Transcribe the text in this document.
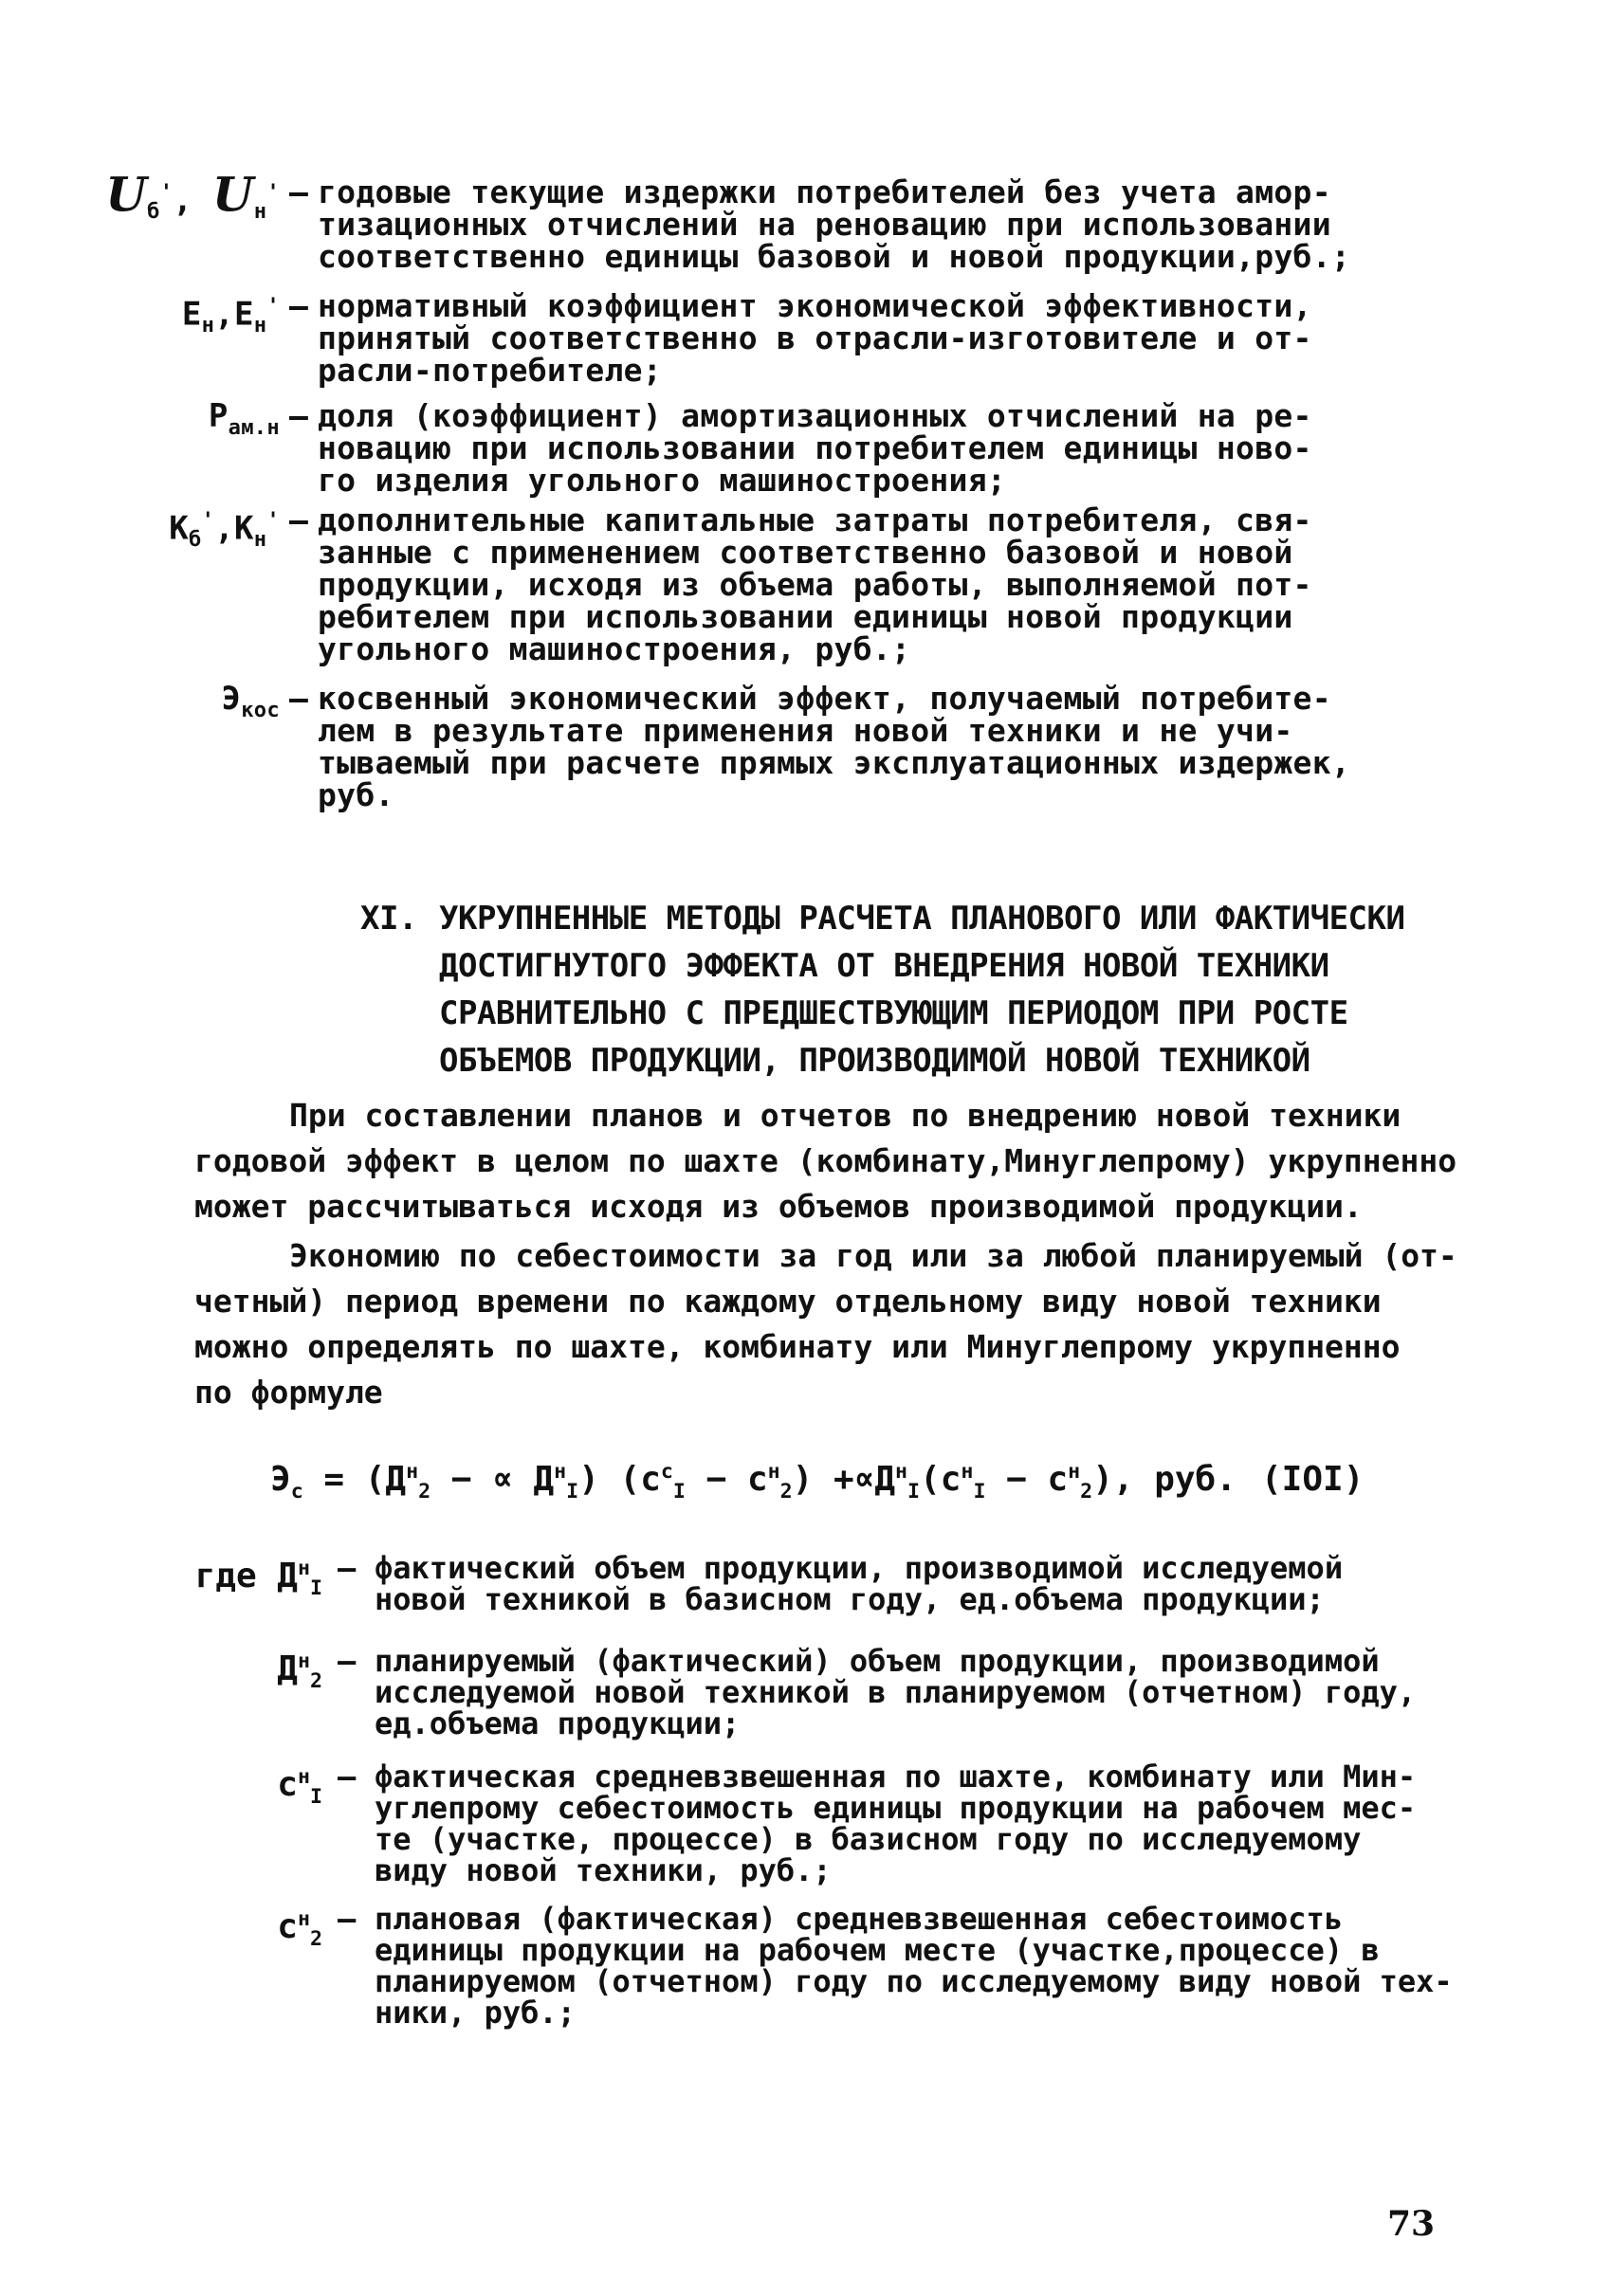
$U_б'$, $U_н'$ – годовые текущие издержки потребителей без учета амор-
тизационных отчислений на реновацию при использовании
соответственно единицы базовой и новой продукции,руб.;
$Е_н,Е_н'$ – нормативный коэффициент экономической эффективности,
принятый соответственно в отрасли-изготовителе и от-
расли-потребителе;
$Р_{ам.н}$ – доля (коэффициент) амортизационных отчислений на ре-
новацию при использовании потребителем единицы ново-
го изделия угольного машиностроения;
$К_б',К_н'$ – дополнительные капитальные затраты потребителя, свя-
занные с применением соответственно базовой и новой
продукции, исходя из объема работы, выполняемой пот-
ребителем при использовании единицы новой продукции
угольного машиностроения, руб.;
$Э_{кос}$ – косвенный экономический эффект, получаемый потребите-
лем в результате применения новой техники и не учи-
тываемый при расчете прямых эксплуатационных издержек,
руб.

XI. УКРУПНЕННЫЕ МЕТОДЫ РАСЧЕТА ПЛАНОВОГО ИЛИ ФАКТИЧЕСКИ
ДОСТИГНУТОГО ЭФФЕКТА ОТ ВНЕДРЕНИЯ НОВОЙ ТЕХНИКИ
СРАВНИТЕЛЬНО С ПРЕДШЕСТВУЮЩИМ ПЕРИОДОМ ПРИ РОСТЕ
ОБЪЕМОВ ПРОДУКЦИИ, ПРОИЗВОДИМОЙ НОВОЙ ТЕХНИКОЙ

При составлении планов и отчетов по внедрению новой техники
годовой эффект в целом по шахте (комбинату,Минуглепрому) укрупненно
может рассчитываться исходя из объемов производимой продукции.
Экономию по себестоимости за год или за любой планируемый (от-
четный) период времени по каждому отдельному виду новой техники
можно определять по шахте, комбинату или Минуглепрому укрупненно
по формуле
$Э_с = (Д^н_2$ − ∝ $Д^н_I$) $(с^с_I - с^н_2) +\propto Д^н_I(с^н_I - с^н_2)$, руб. (IOI)
где $Д^н_I$
– фактический объем продукции, производимой исследуемой
новой техникой в базисном году, ед.объема продукции;
$Д^н_2$
– планируемый (фактический) объем продукции, производимой
исследуемой новой техникой в планируемом (отчетном) году,
ед.объема продукции;
$с^н_I$
– фактическая средневзвешенная по шахте, комбинату или Мин-
углепрому себестоимость единицы продукции на рабочем мес-
те (участке, процессе) в базисном году по исследуемому
виду новой техники, руб.;
$с^н_2$
– плановая (фактическая) средневзвешенная себестоимость
единицы продукции на рабочем месте (участке,процессе) в
планируемом (отчетном) году по исследуемому виду новой тех-
ники, руб.;
73
